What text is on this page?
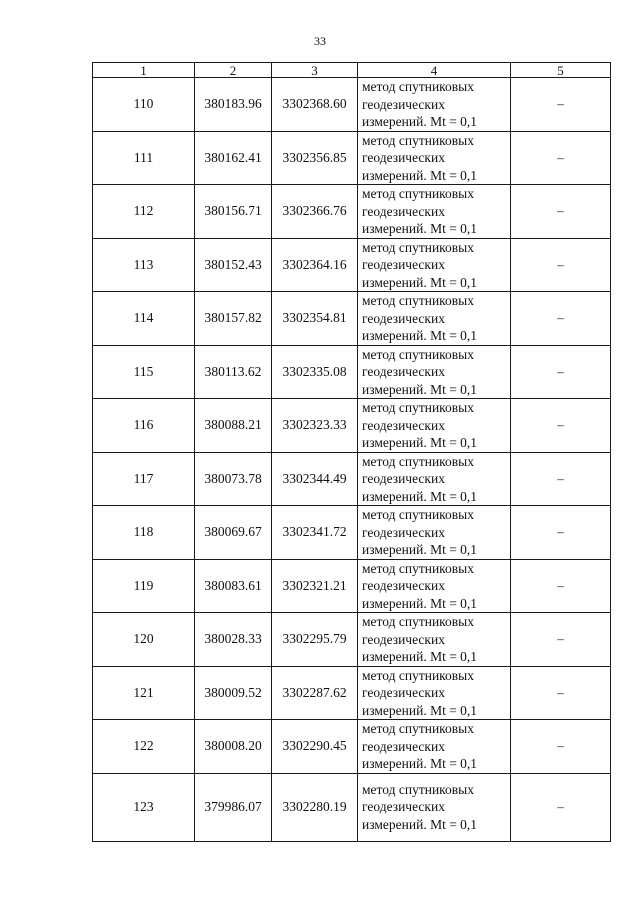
33
1	2	3	4	5
110	380183.96	3302368.60	метод спутниковых
геодезических
измерений. Mt = 0,1	–
111	380162.41	3302356.85	метод спутниковых
геодезических
измерений. Mt = 0,1	–
112	380156.71	3302366.76	метод спутниковых
геодезических
измерений. Mt = 0,1	–
113	380152.43	3302364.16	метод спутниковых
геодезических
измерений. Mt = 0,1	–
114	380157.82	3302354.81	метод спутниковых
геодезических
измерений. Mt = 0,1	–
115	380113.62	3302335.08	метод спутниковых
геодезических
измерений. Mt = 0,1	–
116	380088.21	3302323.33	метод спутниковых
геодезических
измерений. Mt = 0,1	–
117	380073.78	3302344.49	метод спутниковых
геодезических
измерений. Mt = 0,1	–
118	380069.67	3302341.72	метод спутниковых
геодезических
измерений. Mt = 0,1	–
119	380083.61	3302321.21	метод спутниковых
геодезических
измерений. Mt = 0,1	–
120	380028.33	3302295.79	метод спутниковых
геодезических
измерений. Mt = 0,1	–
121	380009.52	3302287.62	метод спутниковых
геодезических
измерений. Mt = 0,1	–
122	380008.20	3302290.45	метод спутниковых
геодезических
измерений. Mt = 0,1	–
123	379986.07	3302280.19	метод спутниковых
геодезических
измерений. Mt = 0,1	–
